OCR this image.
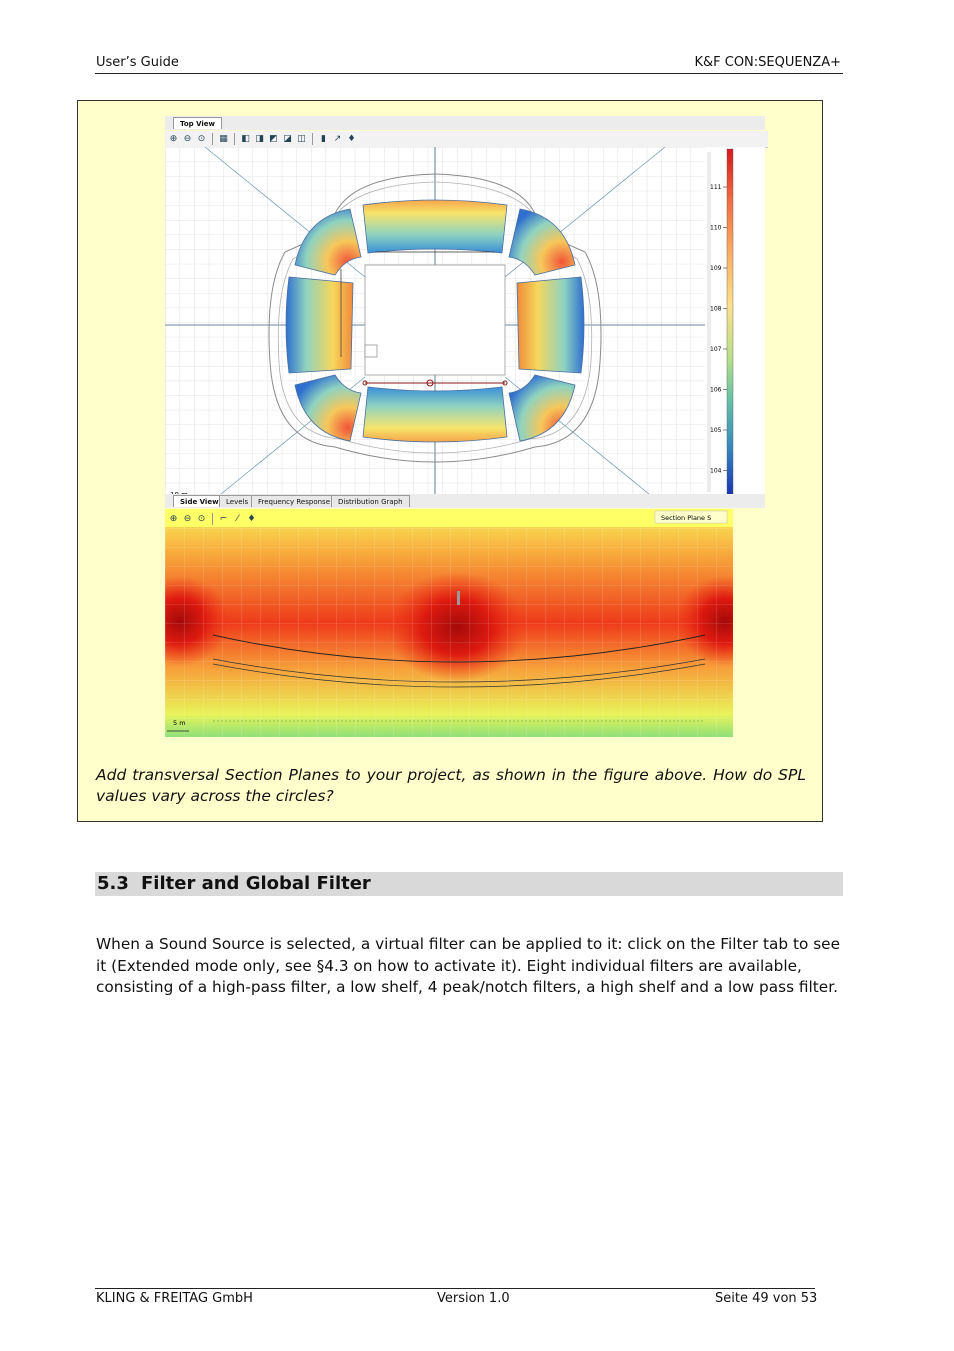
User’s Guide	K&F CON:SEQUENZA+
Top View
⊕ ⊖ ⊙ ▦ ◧ ◨ ◩ ◪ ◫	▮ ↗ ♦
111
110
109
108
107
106
105
104
Side View	Levels	Frequency Response	Distribution Graph
5 m
Section Plane S
⊕ ⊖ ⊙ ⌐	⁄	♦
Add transversal Section Planes to your project, as shown in the figure above. How do SPL values vary across the circles?
5.3 Filter and Global Filter
When a Sound Source is selected, a virtual filter can be applied to it: click on the Filter tab to see it (Extended mode only, see §4.3 on how to activate it). Eight individual filters are available, consisting of a high-pass filter, a low shelf, 4 peak/notch filters, a high shelf and a low pass filter.
KLING & FREITAG GmbH	Version 1.0	Seite 49 von 53
